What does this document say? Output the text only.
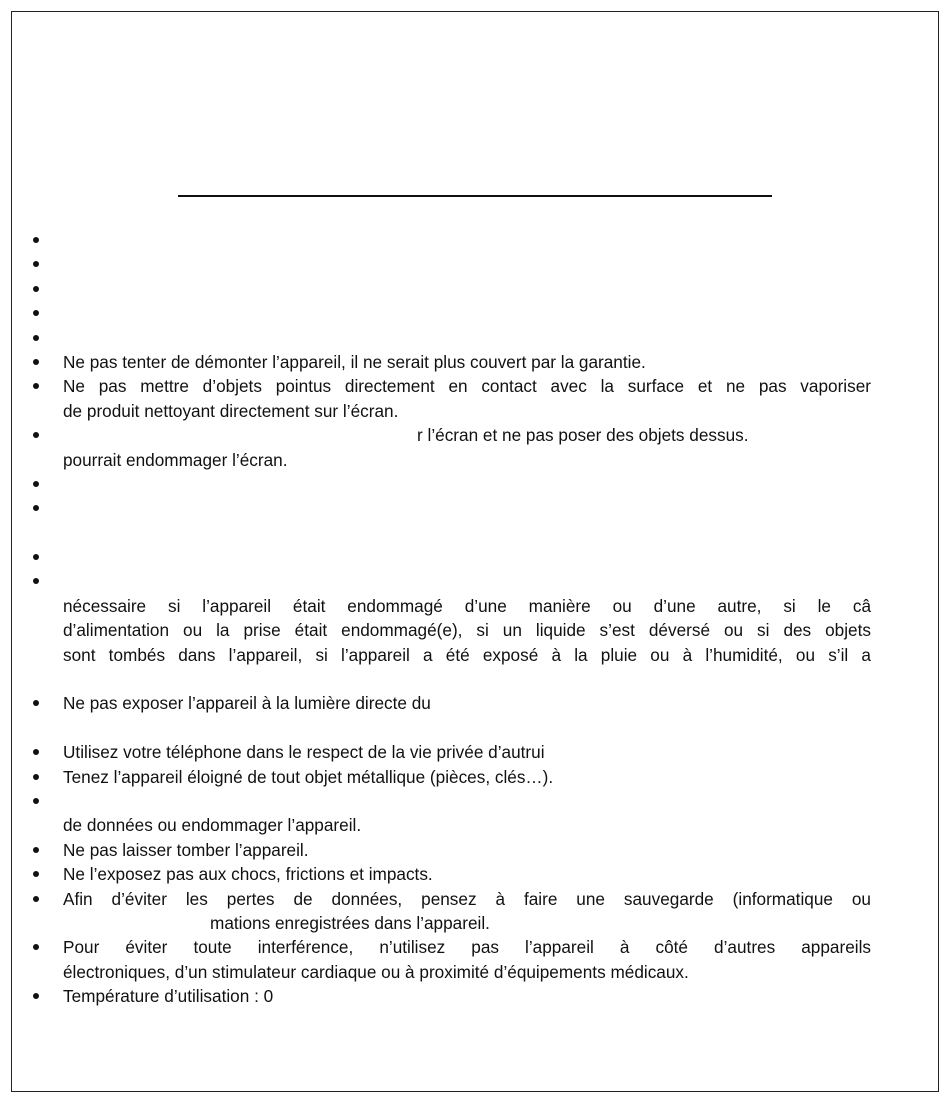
Ne pas tenter de démonter l’appareil, il ne serait plus couvert par la garantie.
Ne pas mettre d’objets pointus directement en contact avec la surface et ne pas vaporiser
de produit nettoyant directement sur l’écran.
r l’écran et ne pas poser des objets dessus.
pourrait endommager l’écran.
nécessaire si l’appareil était endommagé d’une manière ou d’une autre, si le câ
d’alimentation ou la prise était endommagé(e), si un liquide s’est déversé ou si des objets
sont tombés dans l’appareil, si l’appareil a été exposé à la pluie ou à l’humidité, ou s’il a
Ne pas exposer l’appareil à la lumière directe du
Utilisez votre téléphone dans le respect de la vie privée d’autrui
Tenez l’appareil éloigné de tout objet métallique (pièces, clés…).
de données ou endommager l’appareil.
Ne pas laisser tomber l’appareil.
Ne l’exposez pas aux chocs, frictions et impacts.
Afin d’éviter les pertes de données, pensez à faire une sauvegarde (informatique ou
mations enregistrées dans l’appareil.
Pour éviter toute interférence, n’utilisez pas l’appareil à côté d’autres appareils
électroniques, d’un stimulateur cardiaque ou à proximité d’équipements médicaux.
Température d’utilisation : 0
